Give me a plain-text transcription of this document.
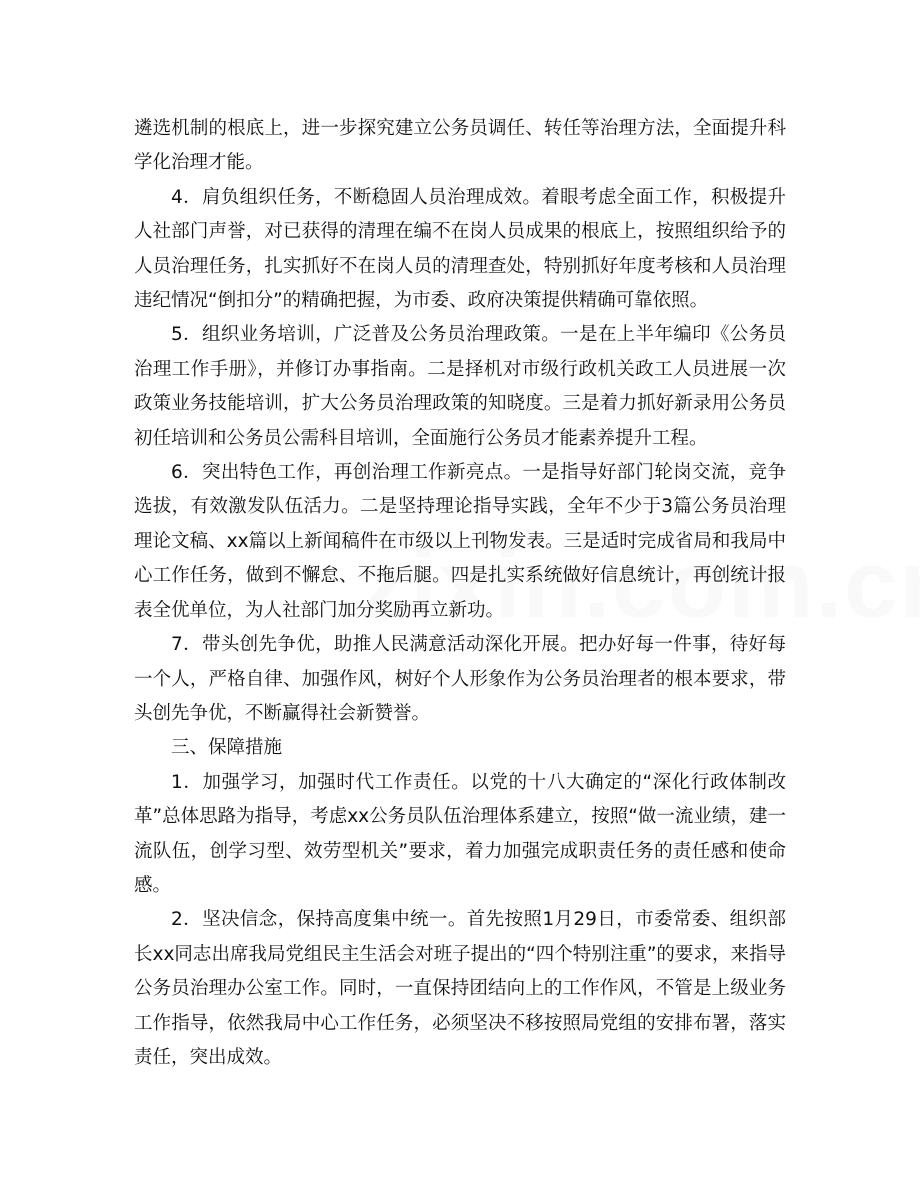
遴选机制的根底上，进一步探究建立公务员调任、转任等治理方法，全面提升科学化治理才能。

4．肩负组织任务，不断稳固人员治理成效。着眼考虑全面工作，积极提升人社部门声誉，对已获得的清理在编不在岗人员成果的根底上，按照组织给予的人员治理任务，扎实抓好不在岗人员的清理查处，特别抓好年度考核和人员治理违纪情况“倒扣分”的精确把握，为市委、政府决策提供精确可靠依照。

5．组织业务培训，广泛普及公务员治理政策。一是在上半年编印《公务员治理工作手册》，并修订办事指南。二是择机对市级行政机关政工人员进展一次政策业务技能培训，扩大公务员治理政策的知晓度。三是着力抓好新录用公务员初任培训和公务员公需科目培训，全面施行公务员才能素养提升工程。

6．突出特色工作，再创治理工作新亮点。一是指导好部门轮岗交流，竞争选拔，有效激发队伍活力。二是坚持理论指导实践，全年不少于3篇公务员治理理论文稿、xx篇以上新闻稿件在市级以上刊物发表。三是适时完成省局和我局中心工作任务，做到不懈怠、不拖后腿。四是扎实系统做好信息统计，再创统计报表全优单位，为人社部门加分奖励再立新功。

7．带头创先争优，助推人民满意活动深化开展。把办好每一件事，待好每一个人，严格自律、加强作风，树好个人形象作为公务员治理者的根本要求，带头创先争优，不断赢得社会新赞誉。

三、保障措施

1．加强学习，加强时代工作责任。以党的十八大确定的“深化行政体制改革”总体思路为指导，考虑xx公务员队伍治理体系建立，按照“做一流业绩，建一流队伍，创学习型、效劳型机关”要求，着力加强完成职责任务的责任感和使命感。

2．坚决信念，保持高度集中统一。首先按照1月29日，市委常委、组织部长xx同志出席我局党组民主生活会对班子提出的“四个特别注重”的要求，来指导公务员治理办公室工作。同时，一直保持团结向上的工作作风，不管是上级业务工作指导，依然我局中心工作任务，必须坚决不移按照局党组的安排布署，落实责任，突出成效。
